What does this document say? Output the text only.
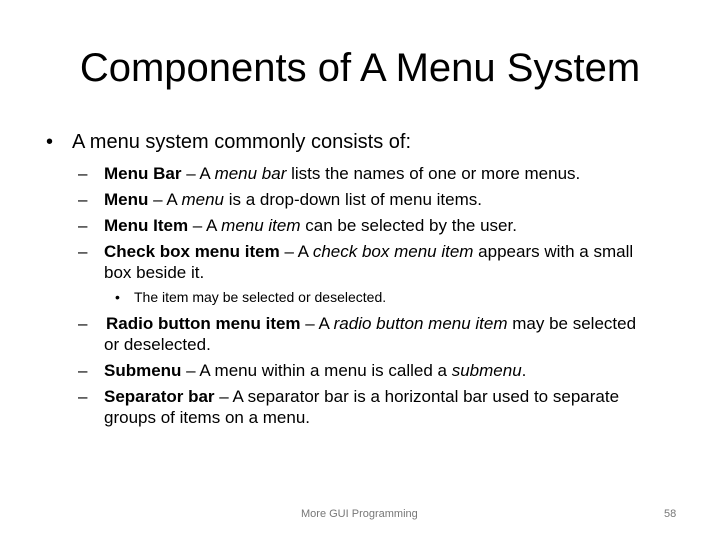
Components of A Menu System
• A menu system commonly consists of:
– Menu Bar – A menu bar lists the names of one or more menus.
– Menu – A menu is a drop-down list of menu items.
– Menu Item – A menu item can be selected by the user.
– Check box menu item – A check box menu item appears with a small
box beside it.
• The item may be selected or deselected.
– Radio button menu item – A radio button menu item may be selected
or deselected.
– Submenu – A menu within a menu is called a submenu.
– Separator bar – A separator bar is a horizontal bar used to separate
groups of items on a menu.
More GUI Programming	58
